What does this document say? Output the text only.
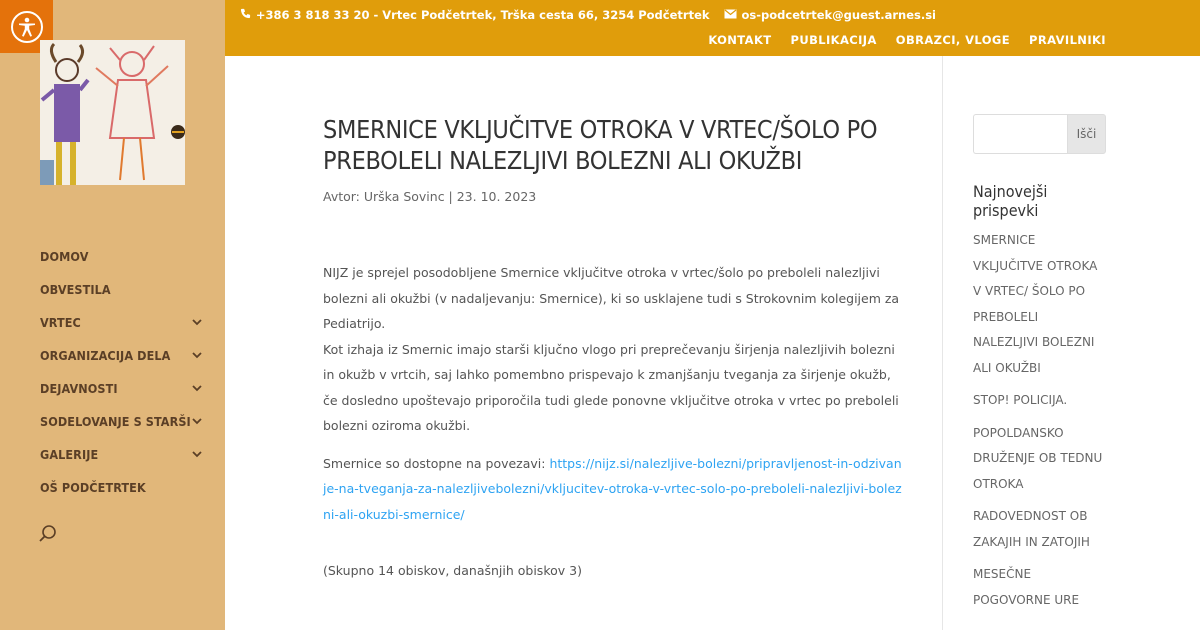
DOMOV
OBVESTILA
VRTEC
ORGANIZACIJA DELA
DEJAVNOSTI
SODELOVANJE S STARŠI
GALERIJE
OŠ PODČETRTEK
+386 3 818 33 20 - Vrtec Podčetrtek, Trška cesta 66, 3254 Podčetrtek	os-podcetrtek@guest.arnes.si
KONTAKT PUBLIKACIJA OBRAZCI, VLOGE PRAVILNIKI
SMERNICE VKLJUČITVE OTROKA V VRTEC/ŠOLO PO PREBOLELI NALEZLJIVI BOLEZNI ALI OKUŽBI
Avtor: Urška Sovinc | 23. 10. 2023

NIJZ je sprejel posodobljene Smernice vključitve otroka v vrtec/šolo po preboleli nalezljivi bolezni ali okužbi (v nadaljevanju: Smernice), ki so usklajene tudi s Strokovnim kolegijem za Pediatrijo.
Kot izhaja iz Smernic imajo starši ključno vlogo pri preprečevanju širjenja nalezljivih bolezni in okužb v vrtcih, saj lahko pomembno prispevajo k zmanjšanju tveganja za širjenje okužb, če dosledno upoštevajo priporočila tudi glede ponovne vključitve otroka v vrtec po preboleli bolezni oziroma okužbi.

Smernice so dostopne na povezavi: https://nijz.si/nalezljive-bolezni/pripravljenost-in-odzivanje-na-tveganja-za-nalezljivebolezni/vkljucitev-otroka-v-vrtec-solo-po-preboleli-nalezljivi-bolezni-ali-okuzbi-smernice/

(Skupno 14 obiskov, današnjih obiskov 3)
Išči
Najnovejši prispevki
SMERNICE VKLJUČITVE OTROKA V VRTEC/ ŠOLO PO PREBOLELI NALEZLJIVI BOLEZNI ALI OKUŽBI
STOP! POLICIJA.
POPOLDANSKO DRUŽENJE OB TEDNU OTROKA
RADOVEDNOST OB ZAKAJIH IN ZATOJIH
MESEČNE POGOVORNE URE
